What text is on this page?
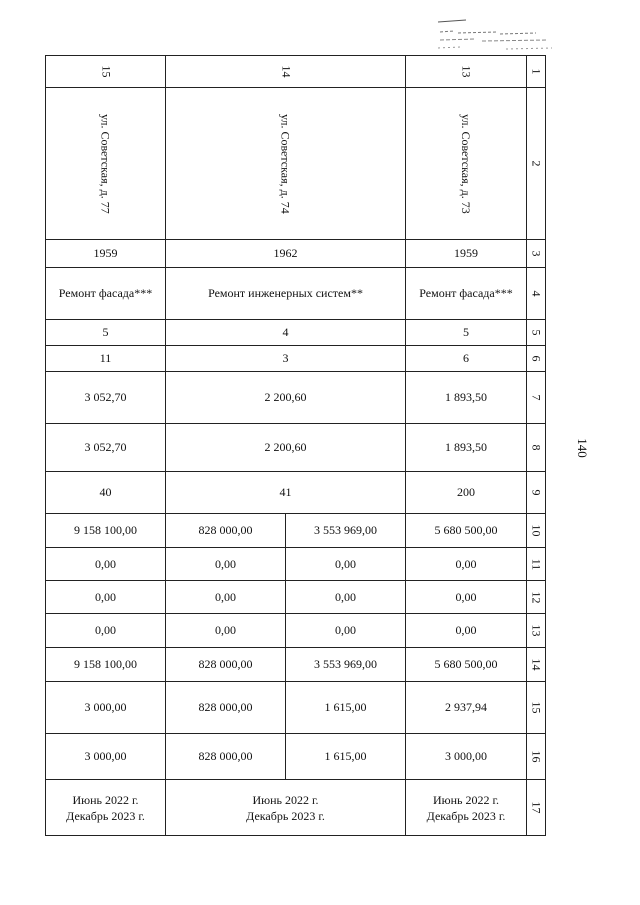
140
15	14		13	1
ул. Советская, д. 77	ул. Советская, д. 74		ул. Советская, д. 73	2
1959	1962		1959	3
Ремонт фасада***	Ремонт инженерных систем**		Ремонт фасада***	4
5	4		5	5
11	3		6	6
3 052,70	2 200,60		1 893,50	7
3 052,70	2 200,60		1 893,50	8
40	41		200	9
9 158 100,00	828 000,00	3 553 969,00	5 680 500,00	10
0,00	0,00	0,00	0,00	11
0,00	0,00	0,00	0,00	12
0,00	0,00	0,00	0,00	13
9 158 100,00	828 000,00	3 553 969,00	5 680 500,00	14
3 000,00	828 000,00	1 615,00	2 937,94	15
3 000,00	828 000,00	1 615,00	3 000,00	16

Июнь 2022 г.
Декабрь 2023 г.	Июнь 2022 г.
Декабрь 2023 г.		Июнь 2022 г.
Декабрь 2023 г.	17
